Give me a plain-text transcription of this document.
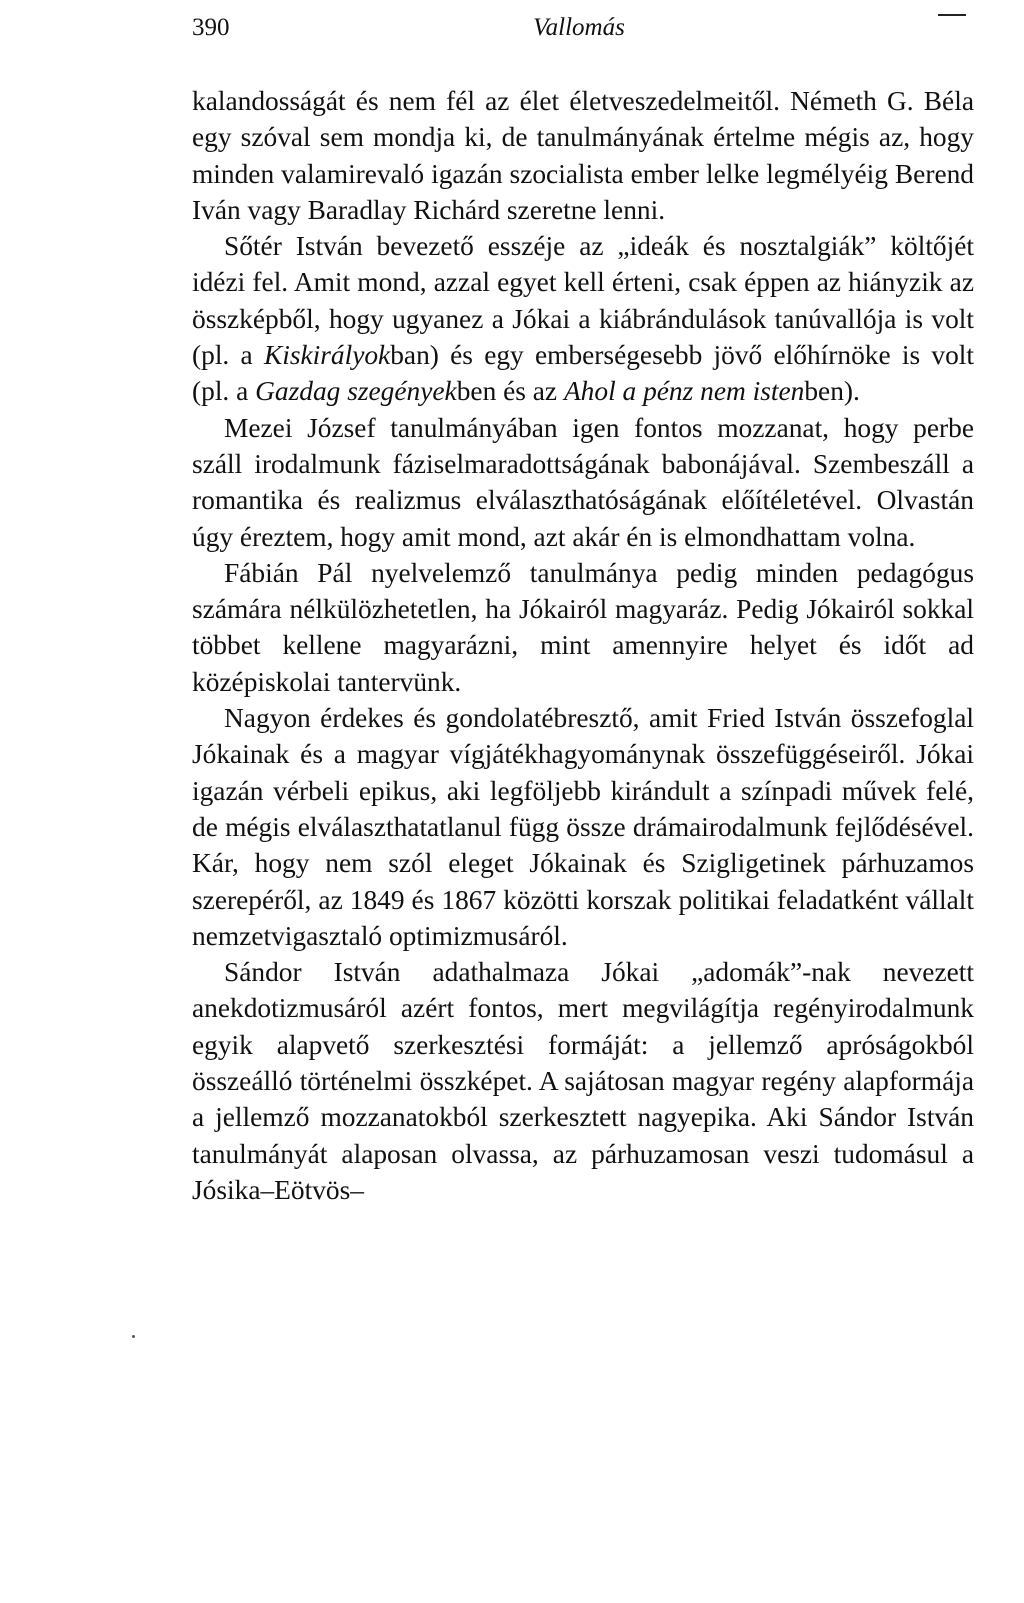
390	Vallomás

kalandosságát és nem fél az élet életveszedelmeitől. Németh G. Béla egy szóval sem mondja ki, de tanulmányának értelme mégis az, hogy minden valamirevaló igazán szocialista ember lelke legmélyéig Berend Iván vagy Baradlay Richárd szeretne lenni.

Sőtér István bevezető esszéje az „ideák és nosztalgiák” költőjét idézi fel. Amit mond, azzal egyet kell érteni, csak éppen az hiányzik az összképből, hogy ugyanez a Jókai a kiábrándulások tanúvallója is volt (pl. a Kiskirályokban) és egy emberségesebb jövő előhírnöke is volt (pl. a Gazdag szegényekben és az Ahol a pénz nem istenben).

Mezei József tanulmányában igen fontos mozzanat, hogy perbe száll irodalmunk fáziselmaradottságának babonájával. Szembeszáll a romantika és realizmus elválaszthatóságának előítéletével. Olvastán úgy éreztem, hogy amit mond, azt akár én is elmondhattam volna.

Fábián Pál nyelvelemző tanulmánya pedig minden pedagógus számára nélkülözhetetlen, ha Jókairól magyaráz. Pedig Jókairól sokkal többet kellene magyarázni, mint amennyire helyet és időt ad középiskolai tantervünk.

Nagyon érdekes és gondolatébresztő, amit Fried István összefoglal Jókainak és a magyar vígjátékhagyománynak összefüggéseiről. Jókai igazán vérbeli epikus, aki legföljebb kirándult a színpadi művek felé, de mégis elválaszthatatlanul függ össze drámairodalmunk fejlődésével. Kár, hogy nem szól eleget Jókainak és Szigligetinek párhuzamos szerepéről, az 1849 és 1867 közötti korszak politikai feladatként vállalt nemzetvigasztaló optimizmusáról.

Sándor István adathalmaza Jókai „adomák”-nak nevezett anekdotizmusáról azért fontos, mert megvilágítja regényirodalmunk egyik alapvető szerkesztési formáját: a jellemző apróságokból összeálló történelmi összképet. A sajátosan magyar regény alapformája a jellemző mozzanatokból szerkesztett nagyepika. Aki Sándor István tanulmányát alaposan olvassa, az párhuzamosan veszi tudomásul a Jósika–Eötvös–
